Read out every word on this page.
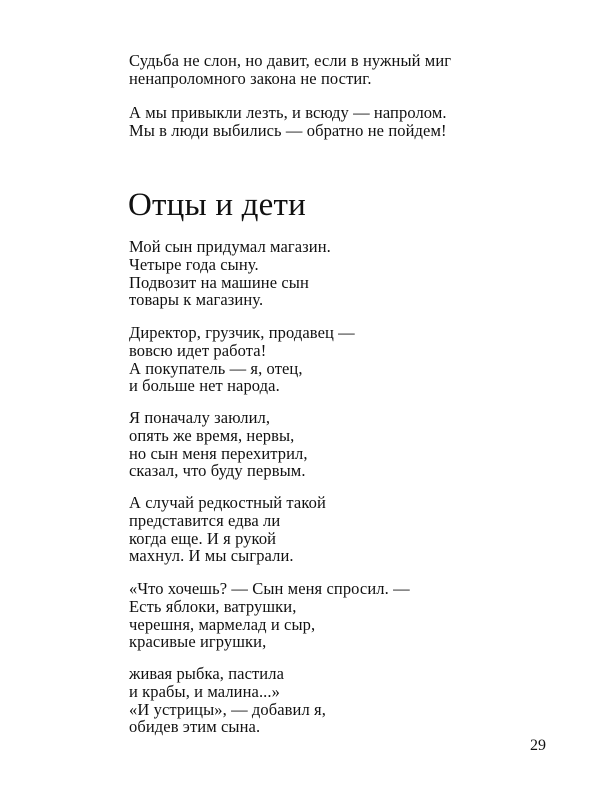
Судьба не слон, но давит, если в нужный миг
ненапроломного закона не постиг.
А мы привыкли лезть, и всюду — напролом.
Мы в люди выбились — обратно не пойдем!
Отцы и дети
Мой сын придумал магазин.
Четыре года сыну.
Подвозит на машине сын
товары к магазину.
Директор, грузчик, продавец —
вовсю идет работа!
А покупатель — я, отец,
и больше нет народа.
Я поначалу заюлил,
опять же время, нервы,
но сын меня перехитрил,
сказал, что буду первым.
А случай редкостный такой
представится едва ли
когда еще. И я рукой
махнул. И мы сыграли.
«Что хочешь? — Сын меня спросил. —
Есть яблоки, ватрушки,
черешня, мармелад и сыр,
красивые игрушки,
живая рыбка, пастила
и крабы, и малина...»
«И устрицы», — добавил я,
обидев этим сына.
29
